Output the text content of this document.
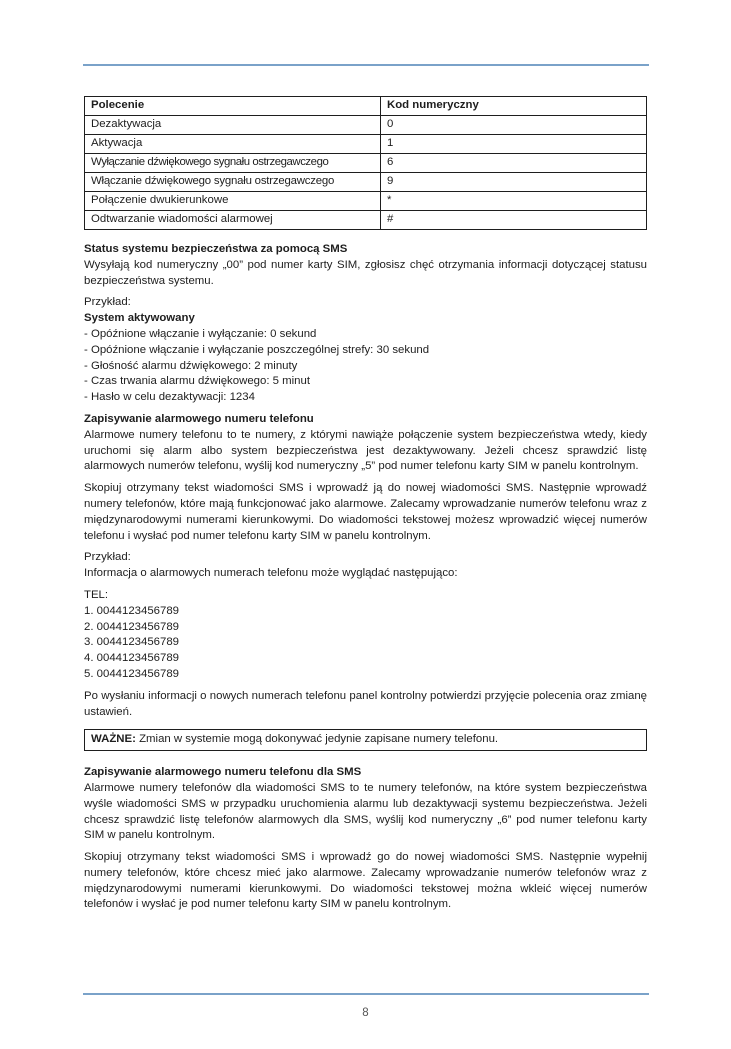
Polecenie	Kod numeryczny
Dezaktywacja	0
Aktywacja	1
Wyłączanie dźwiękowego sygnału ostrzegawczego	6
Włączanie dźwiękowego sygnału ostrzegawczego	9
Połączenie dwukierunkowe	*
Odtwarzanie wiadomości alarmowej	#
Status systemu bezpieczeństwa za pomocą SMS

Wysyłają kod numeryczny „00” pod numer karty SIM, zgłosisz chęć otrzymania informacji dotyczącej statusu bezpieczeństwa systemu.

Przykład:
System aktywowany
- Opóźnione włączanie i wyłączanie: 0 sekund
- Opóźnione włączanie i wyłączanie poszczególnej strefy: 30 sekund
- Głośność alarmu dźwiękowego: 2 minuty
- Czas trwania alarmu dźwiękowego: 5 minut
- Hasło w celu dezaktywacji: 1234
Zapisywanie alarmowego numeru telefonu

Alarmowe numery telefonu to te numery, z którymi nawiąże połączenie system bezpieczeństwa wtedy, kiedy uruchomi się alarm albo system bezpieczeństwa jest dezaktywowany. Jeżeli chcesz sprawdzić listę alarmowych numerów telefonu, wyślij kod numeryczny „5” pod numer telefonu karty SIM w panelu kontrolnym.

Skopiuj otrzymany tekst wiadomości SMS i wprowadź ją do nowej wiadomości SMS. Następnie wprowadź numery telefonów, które mają funkcjonować jako alarmowe. Zalecamy wprowadzanie numerów telefonu wraz z międzynarodowymi numerami kierunkowymi. Do wiadomości tekstowej możesz wprowadzić więcej numerów telefonu i wysłać pod numer telefonu karty SIM w panelu kontrolnym.

Przykład:
Informacja o alarmowych numerach telefonu może wyglądać następująco:
TEL:
1. 0044123456789
2. 0044123456789
3. 0044123456789
4. 0044123456789
5. 0044123456789

Po wysłaniu informacji o nowych numerach telefonu panel kontrolny potwierdzi przyjęcie polecenia oraz zmianę ustawień.

WAŻNE: Zmian w systemie mogą dokonywać jedynie zapisane numery telefonu.
Zapisywanie alarmowego numeru telefonu dla SMS

Alarmowe numery telefonów dla wiadomości SMS to te numery telefonów, na które system bezpieczeństwa wyśle wiadomości SMS w przypadku uruchomienia alarmu lub dezaktywacji systemu bezpieczeństwa. Jeżeli chcesz sprawdzić listę telefonów alarmowych dla SMS, wyślij kod numeryczny „6” pod numer telefonu karty SIM w panelu kontrolnym.

Skopiuj otrzymany tekst wiadomości SMS i wprowadź go do nowej wiadomości SMS. Następnie wypełnij numery telefonów, które chcesz mieć jako alarmowe. Zalecamy wprowadzanie numerów telefonów wraz z międzynarodowymi numerami kierunkowymi. Do wiadomości tekstowej można wkleić więcej numerów telefonów i wysłać je pod numer telefonu karty SIM w panelu kontrolnym.

8
